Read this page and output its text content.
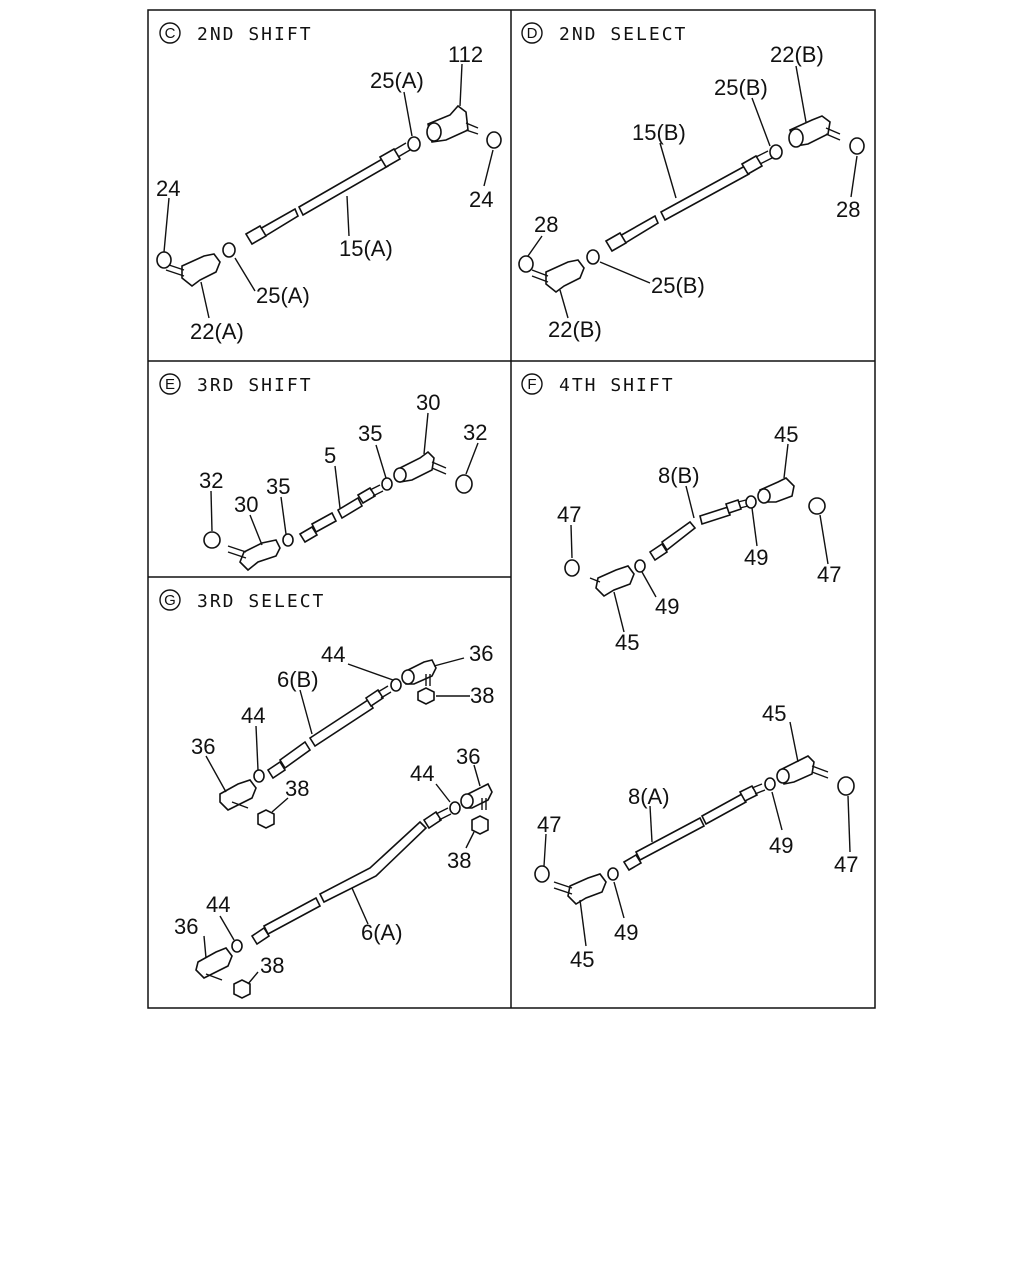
C 2ND SHIFT
112
25(A)
24	24
15(A)
25(A)
22(A)
D 2ND SELECT
22(B)
25(B)
15(B)
28
28
25(B)
22(B)
E 3RD SHIFT
30
32
35
5
32 35
30
F 4TH SHIFT
45
8(B)
47
49
47
49
45
45
8(A)
47
49
47
49
45
G 3RD SELECT
44	36
6(B)
38
44
36
38
44
36
38
44
36	6(A)
38
